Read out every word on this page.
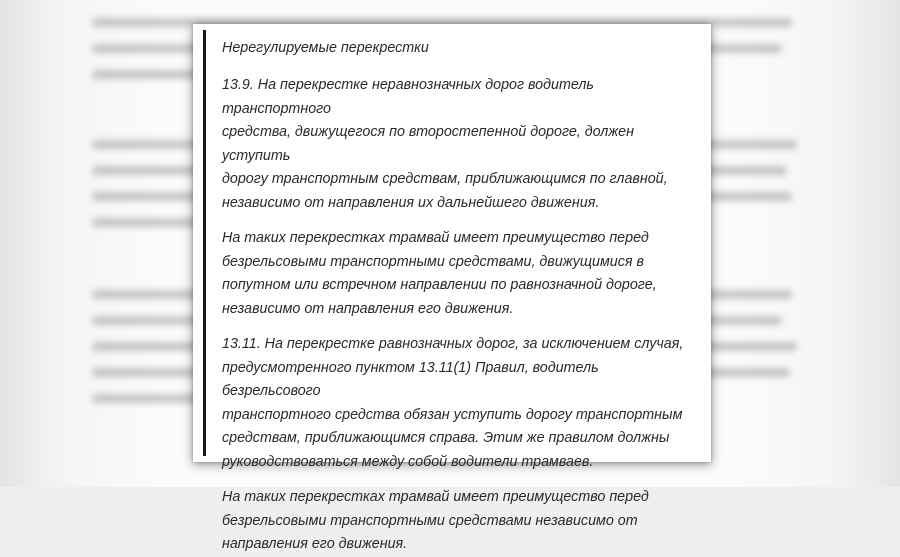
Нерегулируемые перекрестки

13.9. На перекрестке неравнозначных дорог водитель транспортного
средства, движущегося по второстепенной дороге, должен уступить
дорогу транспортным средствам, приближающимся по главной,
независимо от направления их дальнейшего движения.

На таких перекрестках трамвай имеет преимущество перед
безрельсовыми транспортными средствами, движущимися в
попутном или встречном направлении по равнозначной дороге,
независимо от направления его движения.

13.11. На перекрестке равнозначных дорог, за исключением случая,
предусмотренного пунктом 13.11(1) Правил, водитель безрельсового
транспортного средства обязан уступить дорогу транспортным
средствам, приближающимся справа. Этим же правилом должны
руководствоваться между собой водители трамваев.

На таких перекрестках трамвай имеет преимущество перед
безрельсовыми транспортными средствами независимо от
направления его движения.
